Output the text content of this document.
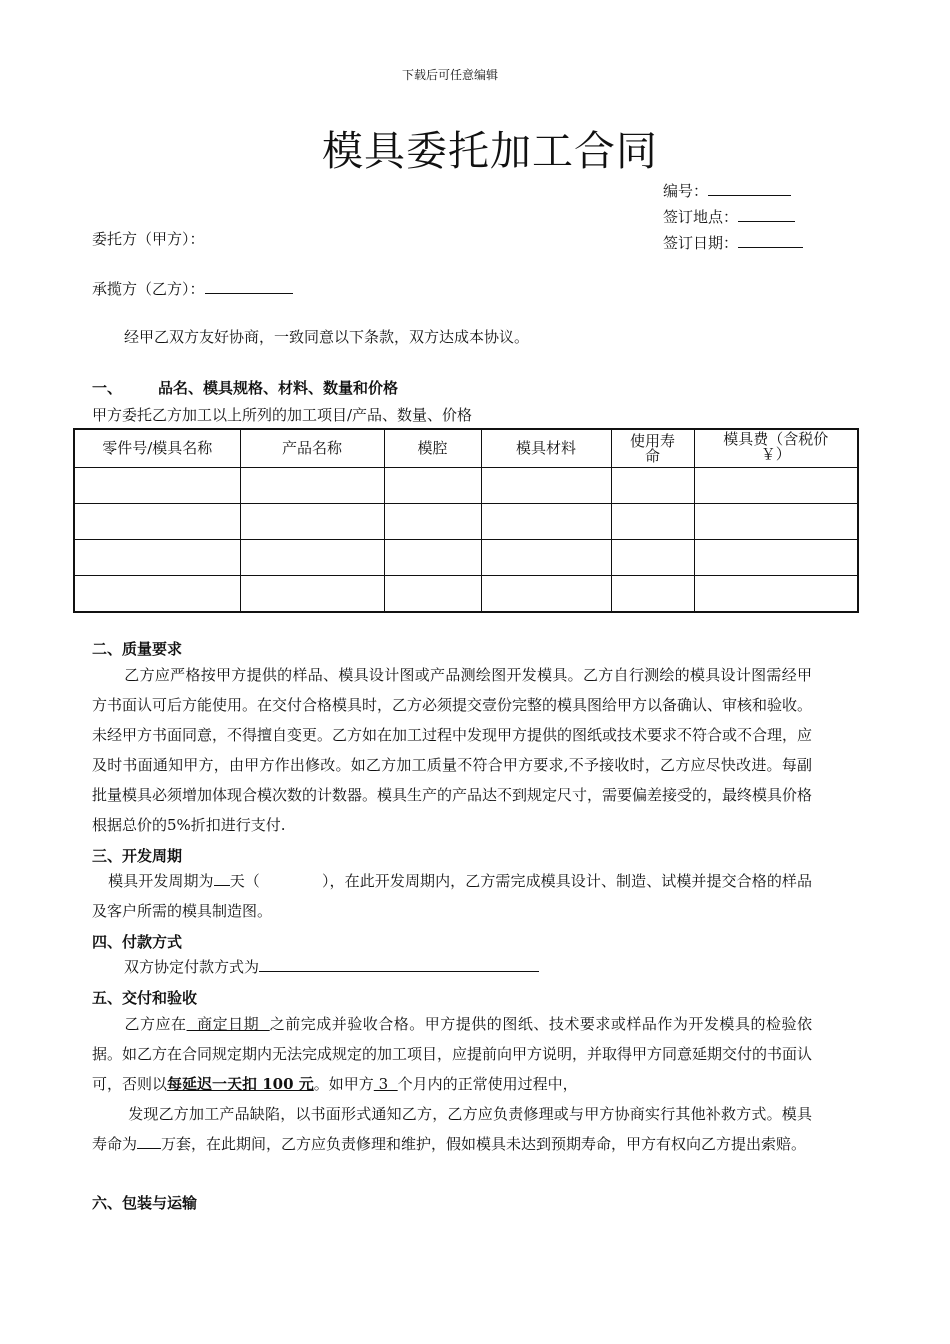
下载后可任意编辑
模具委托加工合同
编号：
签订地点：
签订日期：
委托方（甲方）：
承揽方（乙方）：
经甲乙双方友好协商，一致同意以下条款，双方达成本协议。
一、 品名、模具规格、材料、数量和价格
甲方委托乙方加工以上所列的加工项目/产品、数量、价格
零件号/模具名称	产品名称	模腔	模具材料	使用寿命	模具费（含税价￥）

二、质量要求
乙方应严格按甲方提供的样品、模具设计图或产品测绘图开发模具。乙方自行测绘的模具设计图需经甲方书面认可后方能使用。在交付合格模具时，乙方必须提交壹份完整的模具图给甲方以备确认、审核和验收。未经甲方书面同意，不得擅自变更。乙方如在加工过程中发现甲方提供的图纸或技术要求不符合或不合理，应及时书面通知甲方，由甲方作出修改。如乙方加工质量不符合甲方要求,不予接收时，乙方应尽快改进。每副批量模具必须增加体现合模次数的计数器。模具生产的产品达不到规定尺寸，需要偏差接受的，最终模具价格根据总价的5%折扣进行支付.
三、开发周期
模具开发周期为 天（	），在此开发周期内，乙方需完成模具设计、制造、试模并提交合格的样品及客户所需的模具制造图。
四、付款方式
双方协定付款方式为
五、交付和验收
乙方应在  商定日期  之前完成并验收合格。甲方提供的图纸、技术要求或样品作为开发模具的检验依据。如乙方在合同规定期内无法完成规定的加工项目，应提前向甲方说明，并取得甲方同意延期交付的书面认可，否则以每延迟一天扣 100 元。如甲方 3  个月内的正常使用过程中，
发现乙方加工产品缺陷，以书面形式通知乙方，乙方应负责修理或与甲方协商实行其他补救方式。模具寿命为 万套，在此期间，乙方应负责修理和维护，假如模具未达到预期寿命，甲方有权向乙方提出索赔。
六、包装与运输
